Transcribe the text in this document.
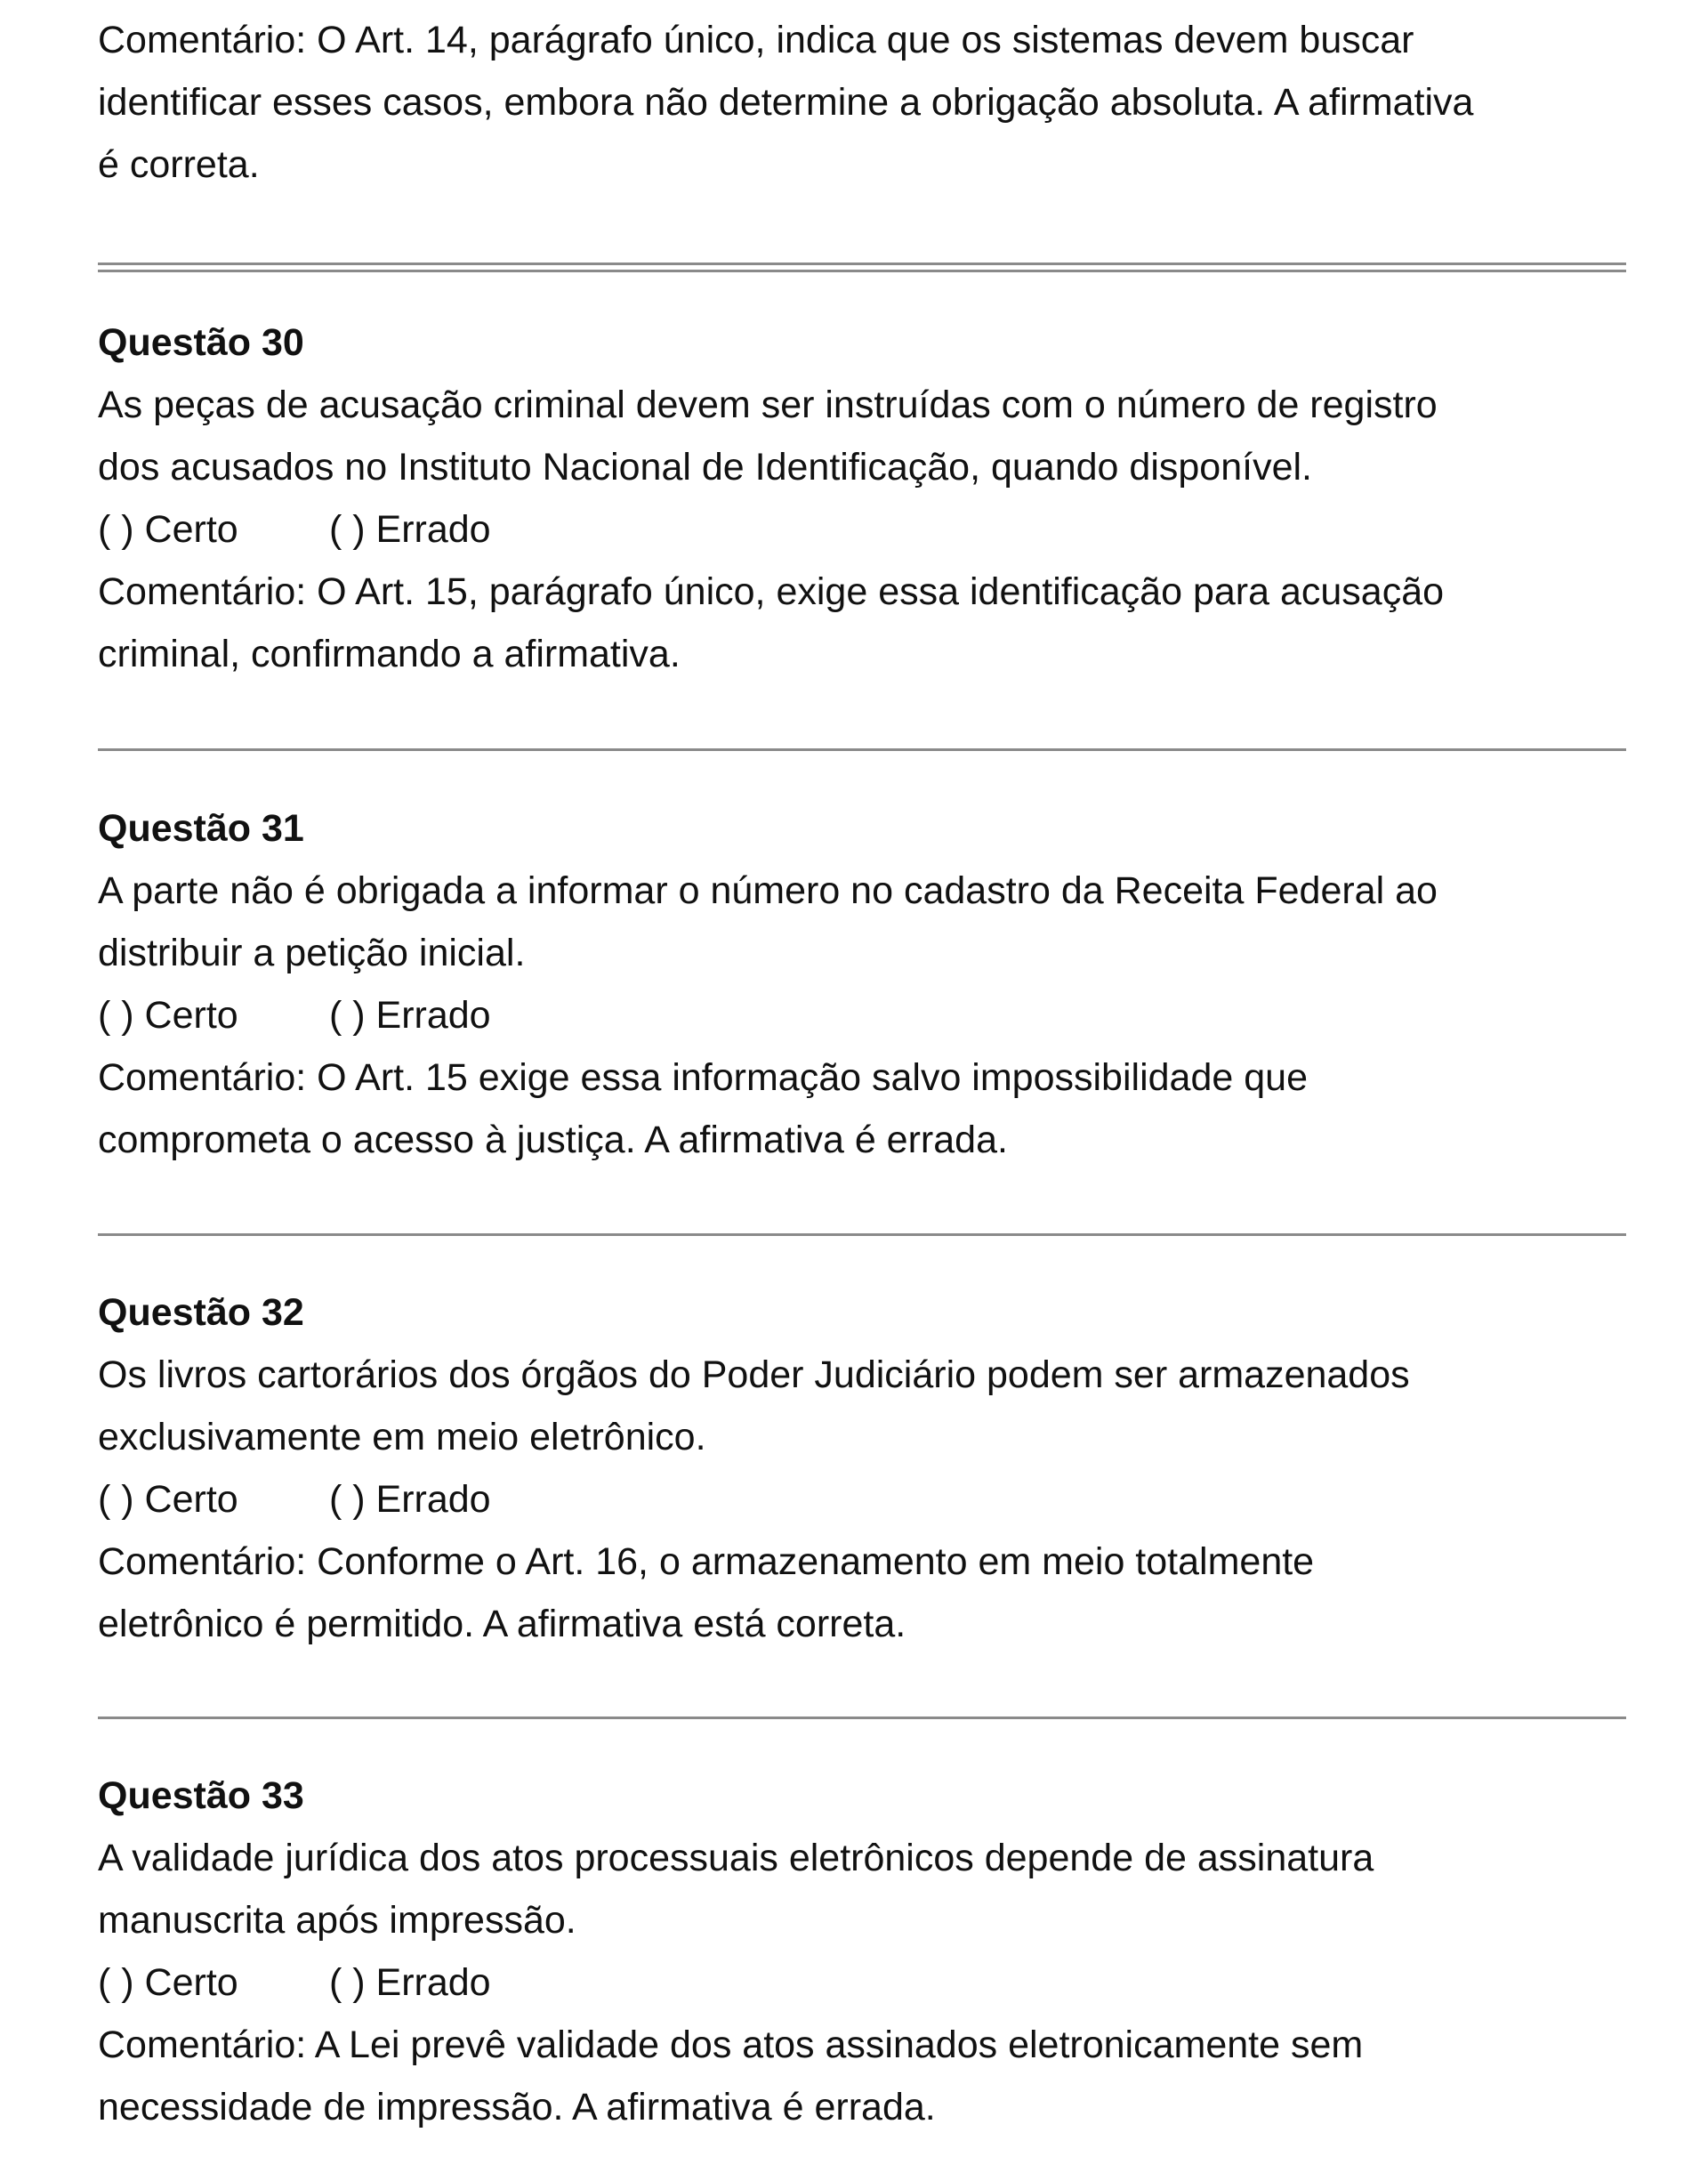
Comentário: O Art. 14, parágrafo único, indica que os sistemas devem buscar
identificar esses casos, embora não determine a obrigação absoluta. A afirmativa
é correta.
Questão 30
As peças de acusação criminal devem ser instruídas com o número de registro
dos acusados no Instituto Nacional de Identificação, quando disponível.
( ) Certo	( ) Errado
Comentário: O Art. 15, parágrafo único, exige essa identificação para acusação
criminal, confirmando a afirmativa.
Questão 31
A parte não é obrigada a informar o número no cadastro da Receita Federal ao
distribuir a petição inicial.
( ) Certo	( ) Errado
Comentário: O Art. 15 exige essa informação salvo impossibilidade que
comprometa o acesso à justiça. A afirmativa é errada.
Questão 32
Os livros cartorários dos órgãos do Poder Judiciário podem ser armazenados
exclusivamente em meio eletrônico.
( ) Certo	( ) Errado
Comentário: Conforme o Art. 16, o armazenamento em meio totalmente
eletrônico é permitido. A afirmativa está correta.
Questão 33
A validade jurídica dos atos processuais eletrônicos depende de assinatura
manuscrita após impressão.
( ) Certo	( ) Errado
Comentário: A Lei prevê validade dos atos assinados eletronicamente sem
necessidade de impressão. A afirmativa é errada.
